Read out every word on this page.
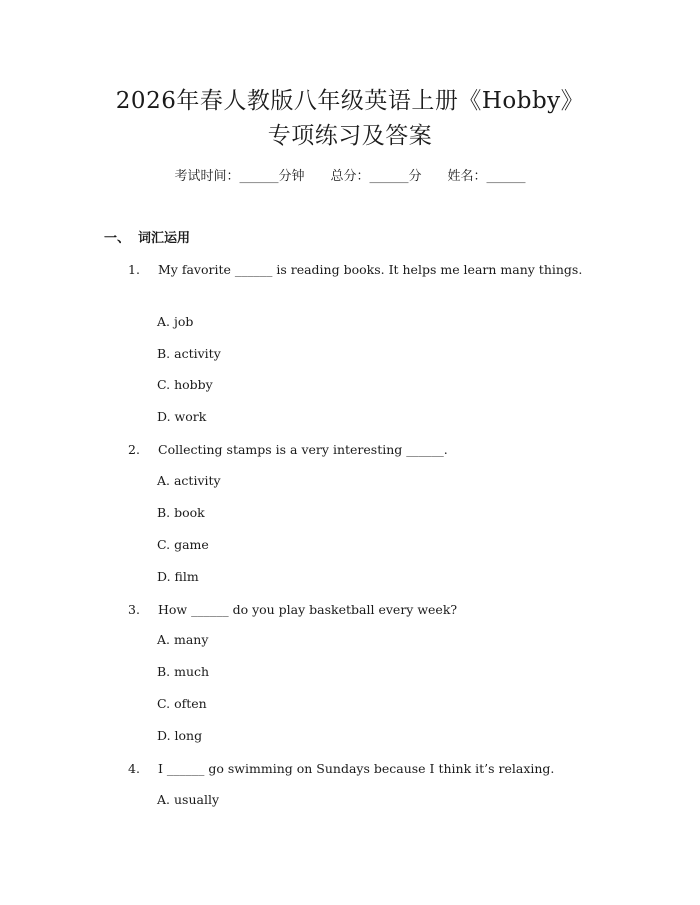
2026年春人教版八年级英语上册《Hobby》
专项练习及答案
考试时间：______分钟 总分：______分 姓名：______
一、 词汇运用
1. My favorite ______ is reading books. It helps me learn many things.
A. job
B. activity
C. hobby
D. work
2. Collecting stamps is a very interesting ______.
A. activity
B. book
C. game
D. film
3. How ______ do you play basketball every week?
A. many
B. much
C. often
D. long
4. I ______ go swimming on Sundays because I think it’s relaxing.
A. usually
